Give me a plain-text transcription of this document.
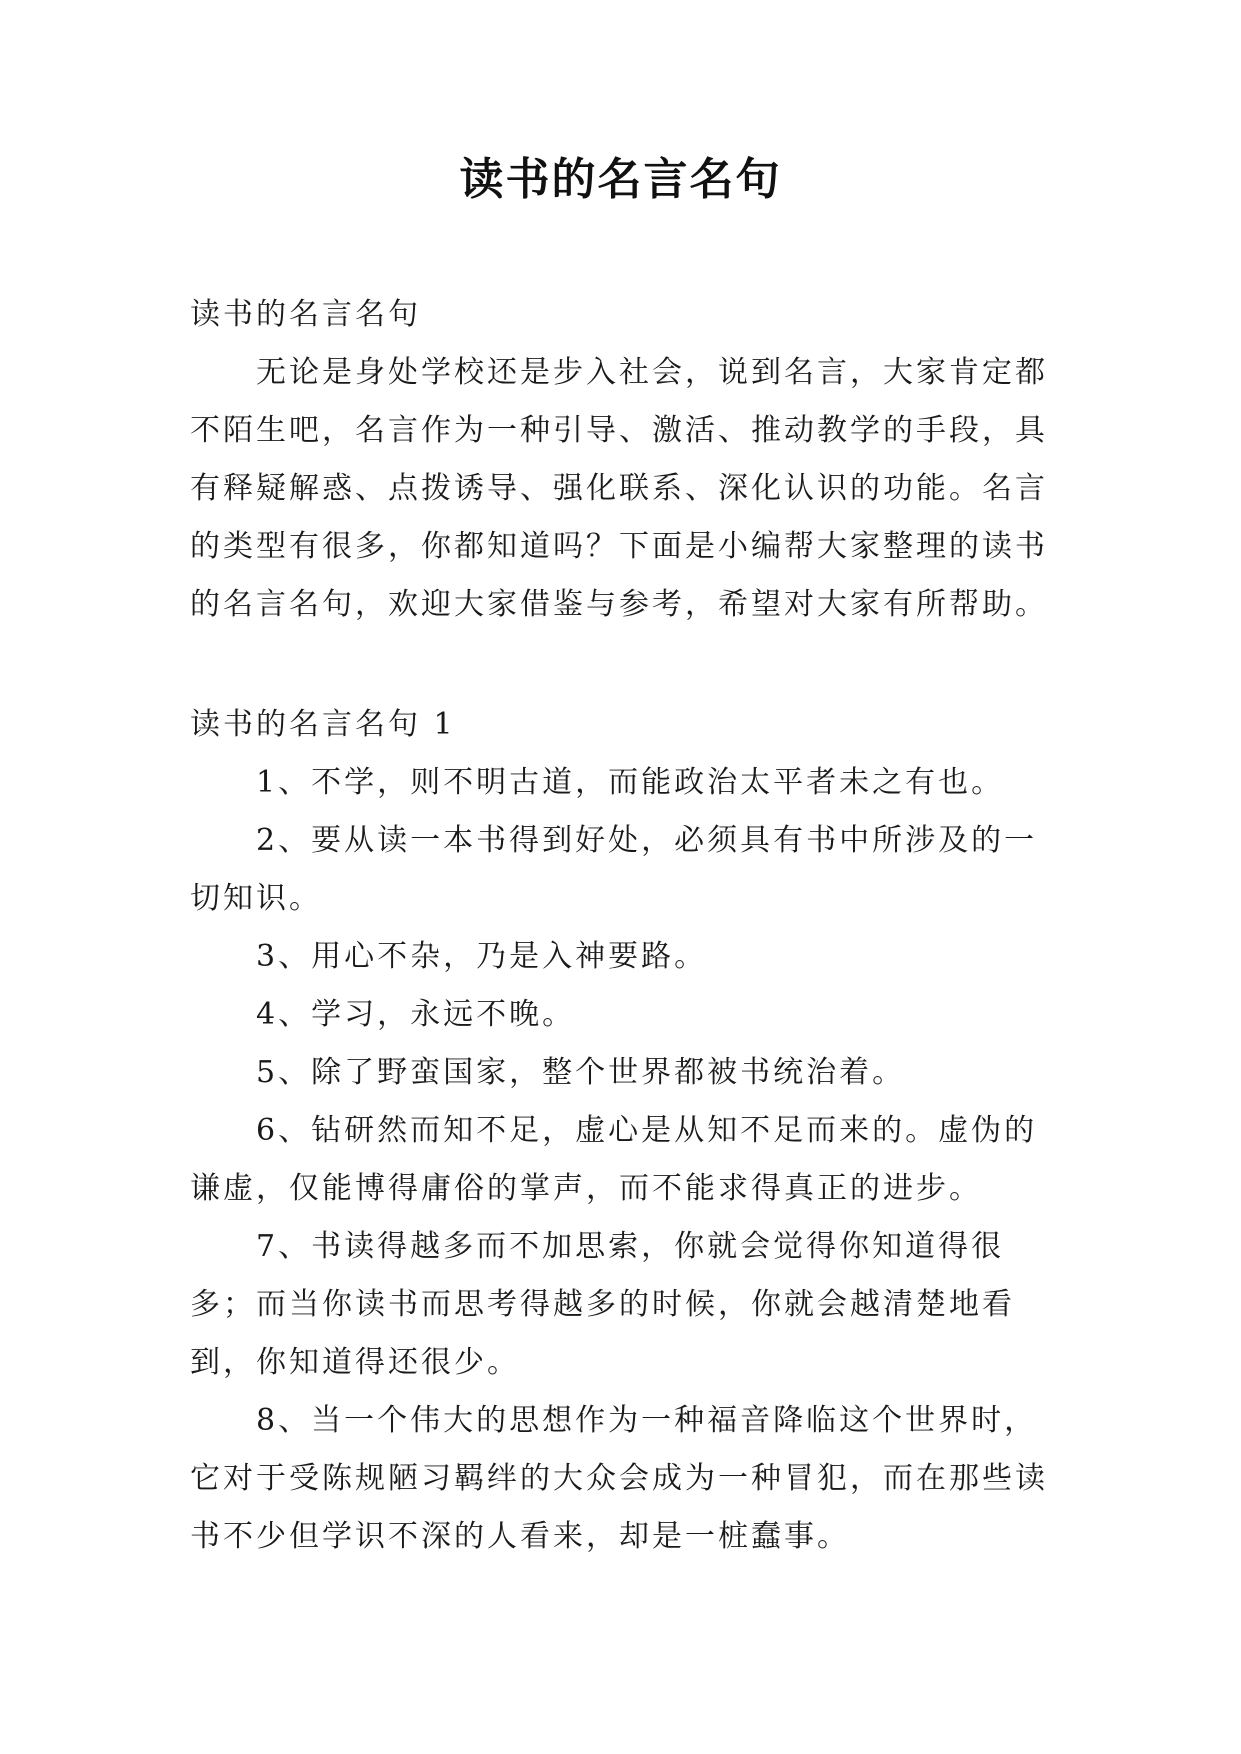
读书的名言名句
读书的名言名句
无论是身处学校还是步入社会，说到名言，大家肯定都不陌生吧，名言作为一种引导、激活、推动教学的手段，具有释疑解惑、点拨诱导、强化联系、深化认识的功能。名言的类型有很多，你都知道吗？下面是小编帮大家整理的读书的名言名句，欢迎大家借鉴与参考，希望对大家有所帮助。
读书的名言名句 1

1、不学，则不明古道，而能政治太平者未之有也。

2、要从读一本书得到好处，必须具有书中所涉及的一切知识。

3、用心不杂，乃是入神要路。

4、学习，永远不晚。

5、除了野蛮国家，整个世界都被书统治着。

6、钻研然而知不足，虚心是从知不足而来的。虚伪的谦虚，仅能博得庸俗的掌声，而不能求得真正的进步。

7、书读得越多而不加思索，你就会觉得你知道得很多；而当你读书而思考得越多的时候，你就会越清楚地看到，你知道得还很少。

8、当一个伟大的思想作为一种福音降临这个世界时，它对于受陈规陋习羁绊的大众会成为一种冒犯，而在那些读书不少但学识不深的人看来，却是一桩蠢事。
